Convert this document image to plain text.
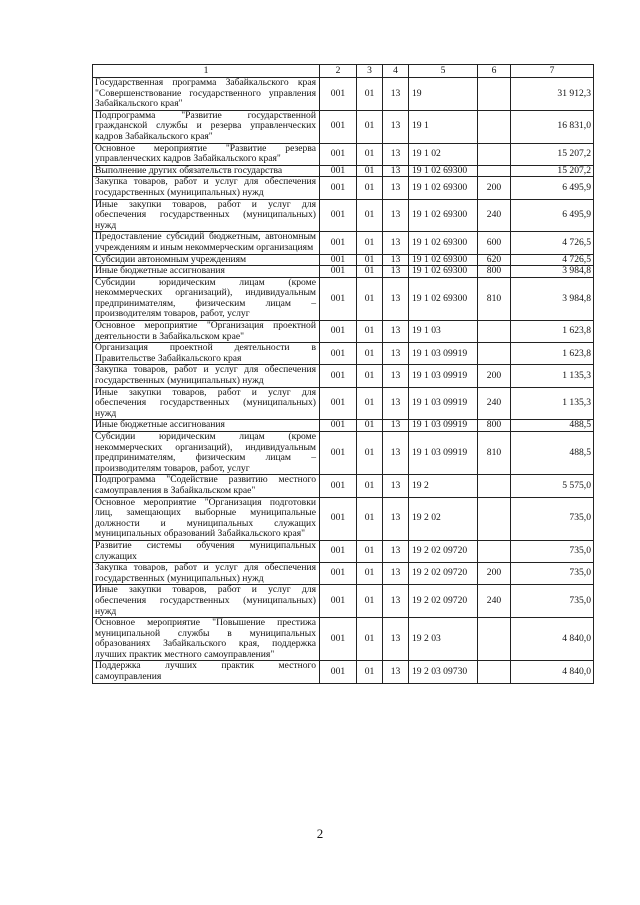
1	2	3	4	5	6	7
Государственная программа Забайкальского края "Совершенствование государственного управления Забайкальского края"	001	01	13	19		31 912,3
Подпрограмма "Развитие государственной гражданской службы и резерва управленческих кадров Забайкальского края"	001	01	13	19 1		16 831,0
Основное мероприятие "Развитие резерва управленческих кадров Забайкальского края"	001	01	13	19 1 02		15 207,2
Выполнение других обязательств государства	001	01	13	19 1 02 69300		15 207,2
Закупка товаров, работ и услуг для обеспечения государственных (муниципальных) нужд	001	01	13	19 1 02 69300	200	6 495,9
Иные закупки товаров, работ и услуг для обеспечения государственных (муниципальных) нужд	001	01	13	19 1 02 69300	240	6 495,9
Предоставление субсидий бюджетным, автономным учреждениям и иным некоммерческим организациям	001	01	13	19 1 02 69300	600	4 726,5
Субсидии автономным учреждениям	001	01	13	19 1 02 69300	620	4 726,5
Иные бюджетные ассигнования	001	01	13	19 1 02 69300	800	3 984,8
Субсидии юридическим лицам (кроме некоммерческих организаций), индивидуальным предпринимателям, физическим лицам – производителям товаров, работ, услуг	001	01	13	19 1 02 69300	810	3 984,8
Основное мероприятие "Организация проектной деятельности в Забайкальском крае"	001	01	13	19 1 03		1 623,8
Организация проектной деятельности в Правительстве Забайкальского края	001	01	13	19 1 03 09919		1 623,8
Закупка товаров, работ и услуг для обеспечения государственных (муниципальных) нужд	001	01	13	19 1 03 09919	200	1 135,3
Иные закупки товаров, работ и услуг для обеспечения государственных (муниципальных) нужд	001	01	13	19 1 03 09919	240	1 135,3
Иные бюджетные ассигнования	001	01	13	19 1 03 09919	800	488,5
Субсидии юридическим лицам (кроме некоммерческих организаций), индивидуальным предпринимателям, физическим лицам – производителям товаров, работ, услуг	001	01	13	19 1 03 09919	810	488,5
Подпрограмма "Содействие развитию местного самоуправления в Забайкальском крае"	001	01	13	19 2		5 575,0
Основное мероприятие "Организация подготовки лиц, замещающих выборные муниципальные должности и муниципальных служащих муниципальных образований Забайкальского края"	001	01	13	19 2 02		735,0
Развитие системы обучения муниципальных служащих	001	01	13	19 2 02 09720		735,0
Закупка товаров, работ и услуг для обеспечения государственных (муниципальных) нужд	001	01	13	19 2 02 09720	200	735,0
Иные закупки товаров, работ и услуг для обеспечения государственных (муниципальных) нужд	001	01	13	19 2 02 09720	240	735,0
Основное мероприятие "Повышение престижа муниципальной службы в муниципальных образованиях Забайкальского края, поддержка лучших практик местного самоуправления"	001	01	13	19 2 03		4 840,0
Поддержка лучших практик местного самоуправления	001	01	13	19 2 03 09730		4 840,0
2
